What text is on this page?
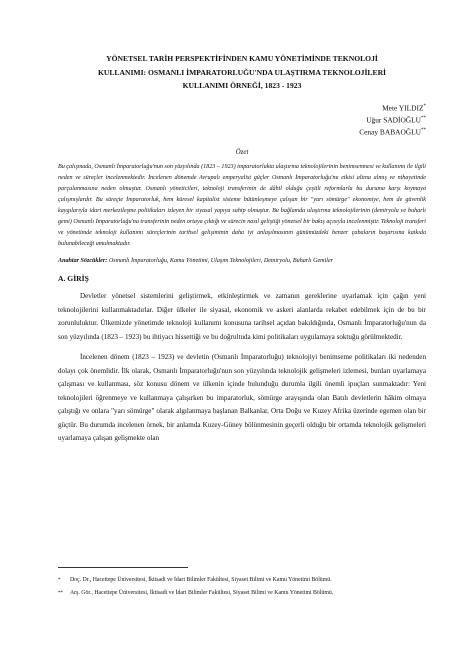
YÖNETSEL TARİH PERSPEKTİFİNDEN KAMU YÖNETİMİNDE TEKNOLOJİ
KULLANIMI: OSMANLI İMPARATORLUĞU'NDA ULAŞTIRMA TEKNOLOJİLERİ
KULLANIMI ÖRNEĞİ, 1823 - 1923
Mete YILDIZ*
Uğur SADİOĞLU**
Cenay BABAOĞLU**
Özet

Bu çalışmada, Osmanlı İmparatorluğu'nun son yüzyılında (1823 – 1923) imparatorlukta ulaştırma teknolojilerinin benimsenmesi ve kullanımı ile ilgili neden ve süreçler incelenmektedir. İncelenen dönemde Avrupalı emperyalist güçler Osmanlı İmparatorluğu'nu etkisi altına almış ve nihayetinde parçalanmasına neden olmuştur. Osmanlı yöneticileri, teknoloji transferinin de dâhil olduğu çeşitli reformlarla bu duruma karşı koymaya çalışmışlardır. Bu süreçte İmparatorluk, hem küresel kapitalist sisteme bütünleşmeye çalışan bir "yarı sömürge" ekonomiye, hem de güvenlik kaygılarıyla idari merkezileşme politikaları izleyen bir siyasal yapıya sahip olmuştur. Bu bağlamda ulaştırma teknolojilerinin (demiryolu ve buharlı gemi) Osmanlı İmparatorluğu'na transferinin neden ortaya çıktığı ve sürecin nasıl geliştiği yönetsel bir bakış açısıyla incelenmiştir. Teknoloji transferi ve yönetimde teknoloji kullanımı süreçlerinin tarihsel gelişiminin daha iyi anlaşılmasının günümüzdeki benzer çabaların başarısına katkıda bulunabileceği umulmaktadır.

Anahtar Sözcükler: Osmanlı İmparatorluğu, Kamu Yönetimi, Ulaşım Teknolojileri, Demiryolu, Buharlı Gemiler
A. GİRİŞ

Devletler yönetsel sistemlerini geliştirmek, etkinleştirmek ve zamanın gereklerine uyarlamak için çağın yeni teknolojilerini kullanmaktadırlar. Diğer ülkeler ile siyasal, ekonomik ve askeri alanlarda rekabet edebilmek için de bu bir zorunluluktur. Ülkemizde yönetimde teknoloji kullanımı konusuna tarihsel açıdan bakıldığında, Osmanlı İmparatorluğu'nun da son yüzyılında (1823 – 1923) bu ihtiyacı hissettiği ve bu doğrultuda kimi politikaları uygulamaya soktuğu görülmektedir.

İncelenen dönem (1823 – 1923) ve devletin (Osmanlı İmparatorluğu) teknolojiyi benimseme politikaları iki nedenden dolayı çok önemlidir. İlk olarak, Osmanlı İmparatorluğu'nun son yüzyılında teknolojik gelişmeleri izlemesi, bunları uyarlamaya çalışması ve kullanması, söz konusu dönem ve ülkenin içinde bulunduğu durumla ilgili önemli ipuçları sunmaktadır: Yeni teknolojileri öğrenmeye ve kullanmaya çalışırken bu imparatorluk, sömürge arayışında olan Batılı devletlerin hâkim olmaya çalıştığı ve onlara "yarı sömürge" olarak algılanmaya başlanan Balkanlar, Orta Doğu ve Kuzey Afrika üzerinde egemen olan bir güçtür. Bu durumda incelenen örnek, bir anlamda Kuzey-Güney bölünmesinin geçerli olduğu bir ortamda teknolojik gelişmeleri uyarlamaya çalışan gelişmekte olan

*	Doç. Dr., Hacettepe Üniversitesi, İktisadi ve İdari Bilimler Fakültesi, Siyaset Bilimi ve Kamu Yönetimi Bölümü.
**	Arş. Gör., Hacettepe Üniversitesi, İktisadi ve İdari Bilimler Fakültesi, Siyaset Bilimi ve Kamu Yönetimi Bölümü.
